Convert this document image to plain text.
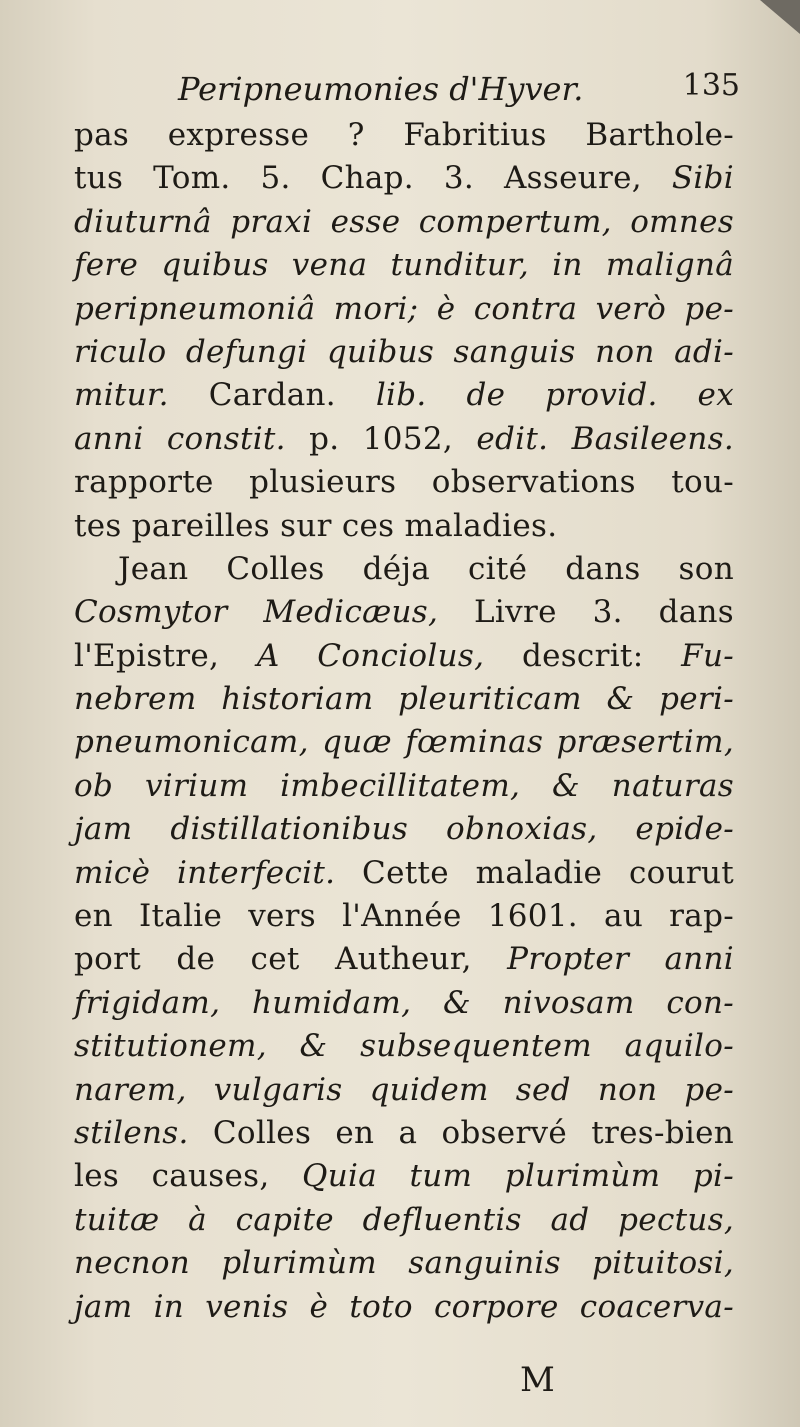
Peripneumonies d'Hyver.	135
pas expresse ? Fabritius Barthole-
tus Tom. 5. Chap. 3. Asseure, Sibi
diuturnâ praxi esse compertum, omnes
fere quibus vena tunditur, in malignâ
peripneumoniâ mori; è contra verò pe-
riculo defungi quibus sanguis non adi-
mitur. Cardan. lib. de provid. ex
anni constit. p. 1052, edit. Basileens.
rapporte plusieurs observations tou-
tes pareilles sur ces maladies.
Jean Colles déja cité dans son
Cosmytor Medicæus, Livre 3. dans
l'Epistre, A Conciolus, descrit: Fu-
nebrem historiam pleuriticam & peri-
pneumonicam, quæ fœminas præsertim,
ob virium imbecillitatem, & naturas
jam distillationibus obnoxias, epide-
micè interfecit. Cette maladie courut
en Italie vers l'Année 1601. au rap-
port de cet Autheur, Propter anni
frigidam, humidam, & nivosam con-
stitutionem, & subsequentem aquilo-
narem, vulgaris quidem sed non pe-
stilens. Colles en a observé tres-bien
les causes, Quia tum plurimùm pi-
tuitæ à capite defluentis ad pectus,
necnon plurimùm sanguinis pituitosi,
jam in venis è toto corpore coacerva-
M
